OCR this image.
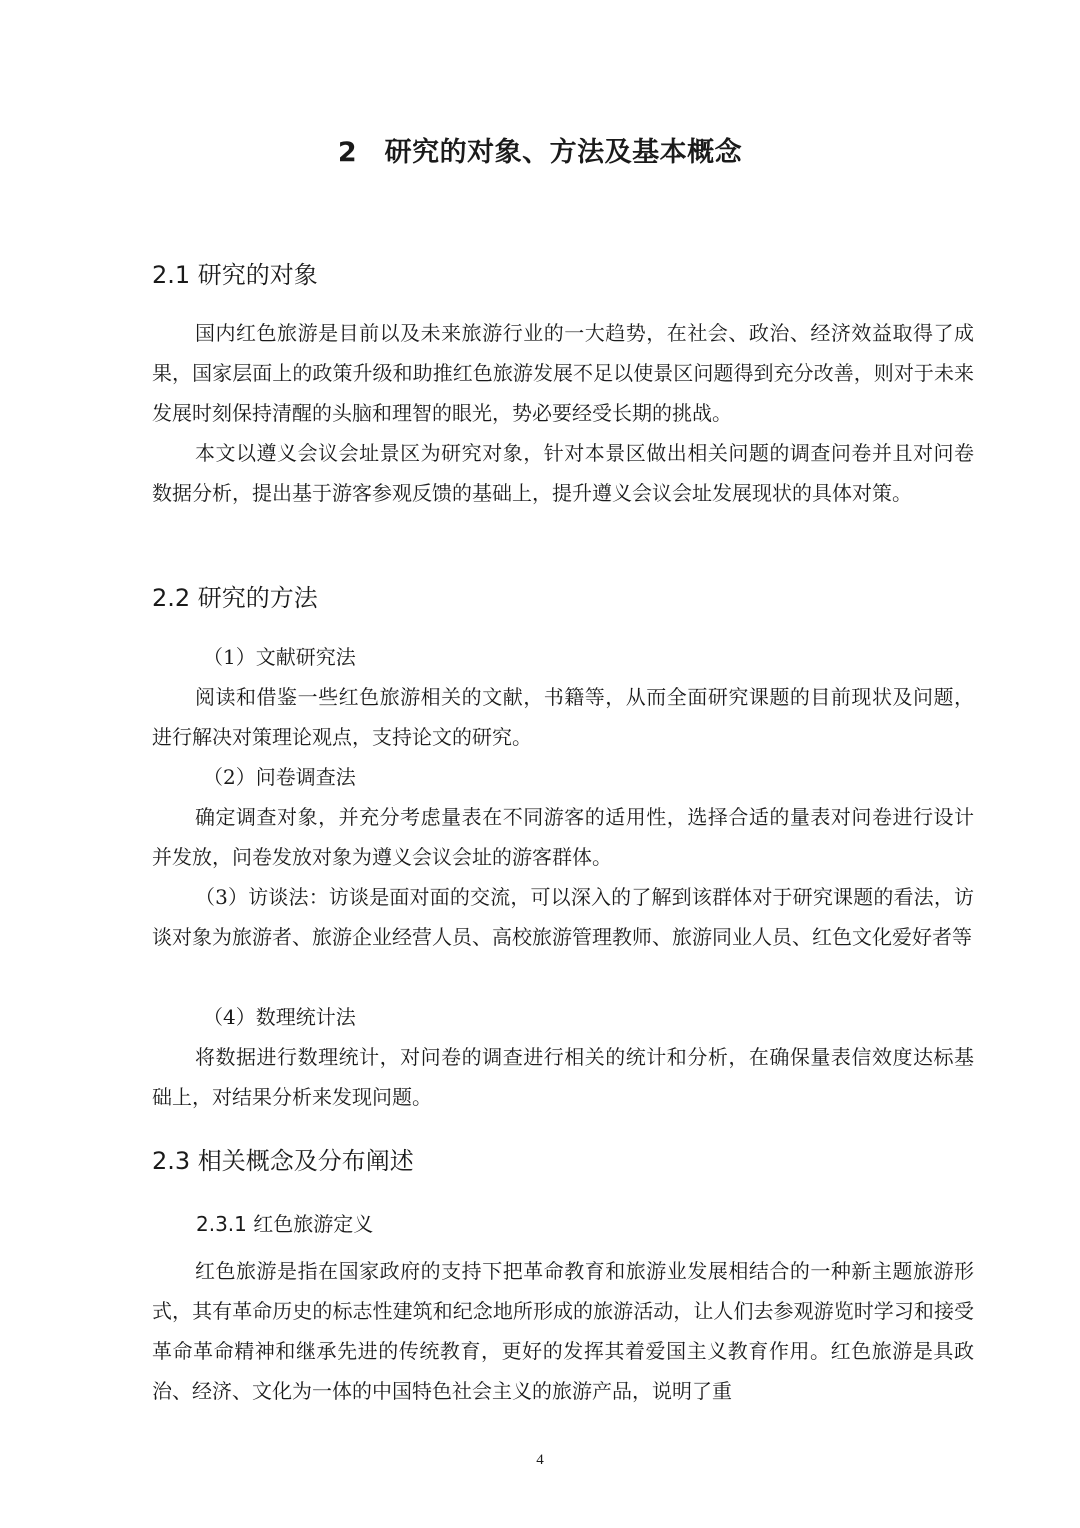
2　研究的对象、方法及基本概念
2.1 研究的对象

国内红色旅游是目前以及未来旅游行业的一大趋势，在社会、政治、经济效益取得了成果，国家层面上的政策升级和助推红色旅游发展不足以使景区问题得到充分改善，则对于未来发展时刻保持清醒的头脑和理智的眼光，势必要经受长期的挑战。

本文以遵义会议会址景区为研究对象，针对本景区做出相关问题的调查问卷并且对问卷数据分析，提出基于游客参观反馈的基础上，提升遵义会议会址发展现状的具体对策。

2.2 研究的方法

（1）文献研究法

阅读和借鉴一些红色旅游相关的文献，书籍等，从而全面研究课题的目前现状及问题，进行解决对策理论观点，支持论文的研究。

（2）问卷调查法

确定调查对象，并充分考虑量表在不同游客的适用性，选择合适的量表对问卷进行设计并发放，问卷发放对象为遵义会议会址的游客群体。

（3）访谈法：访谈是面对面的交流，可以深入的了解到该群体对于研究课题的看法，访谈对象为旅游者、旅游企业经营人员、高校旅游管理教师、旅游同业人员、红色文化爱好者等

（4）数理统计法

将数据进行数理统计，对问卷的调查进行相关的统计和分析，在确保量表信效度达标基础上，对结果分析来发现问题。

2.3 相关概念及分布阐述
2.3.1 红色旅游定义

红色旅游是指在国家政府的支持下把革命教育和旅游业发展相结合的一种新主题旅游形式，其有革命历史的标志性建筑和纪念地所形成的旅游活动，让人们去参观游览时学习和接受革命革命精神和继承先进的传统教育，更好的发挥其着爱国主义教育作用。红色旅游是具政治、经济、文化为一体的中国特色社会主义的旅游产品，说明了重

4
